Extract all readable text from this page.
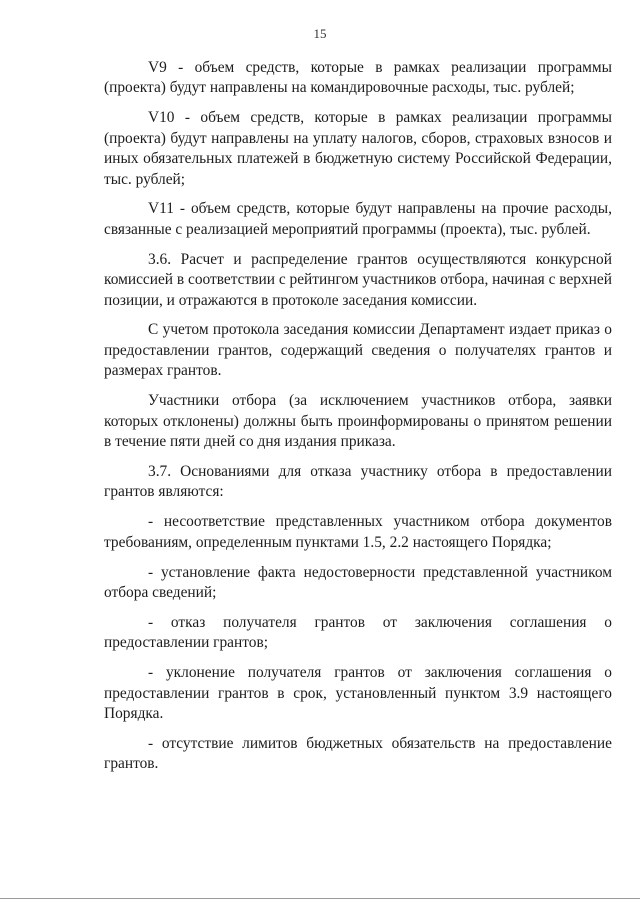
15

V9 - объем средств, которые в рамках реализации программы (проекта) будут направлены на командировочные расходы, тыс. рублей;

V10 - объем средств, которые в рамках реализации программы (проекта) будут направлены на уплату налогов, сборов, страховых взносов и иных обязательных платежей в бюджетную систему Российской Федерации, тыс. рублей;

V11 - объем средств, которые будут направлены на прочие расходы, связанные с реализацией мероприятий программы (проекта), тыс. рублей.

3.6. Расчет и распределение грантов осуществляются конкурсной комиссией в соответствии с рейтингом участников отбора, начиная с верхней позиции, и отражаются в протоколе заседания комиссии.

С учетом протокола заседания комиссии Департамент издает приказ о предоставлении грантов, содержащий сведения о получателях грантов и размерах грантов.

Участники отбора (за исключением участников отбора, заявки которых отклонены) должны быть проинформированы о принятом решении в течение пяти дней со дня издания приказа.

3.7. Основаниями для отказа участнику отбора в предоставлении грантов являются:

- несоответствие представленных участником отбора документов требованиям, определенным пунктами 1.5, 2.2 настоящего Порядка;

- установление факта недостоверности представленной участником отбора сведений;

- отказ получателя грантов от заключения соглашения о предоставлении грантов;

- уклонение получателя грантов от заключения соглашения о предоставлении грантов в срок, установленный пунктом 3.9 настоящего Порядка.

- отсутствие лимитов бюджетных обязательств на предоставление грантов.
